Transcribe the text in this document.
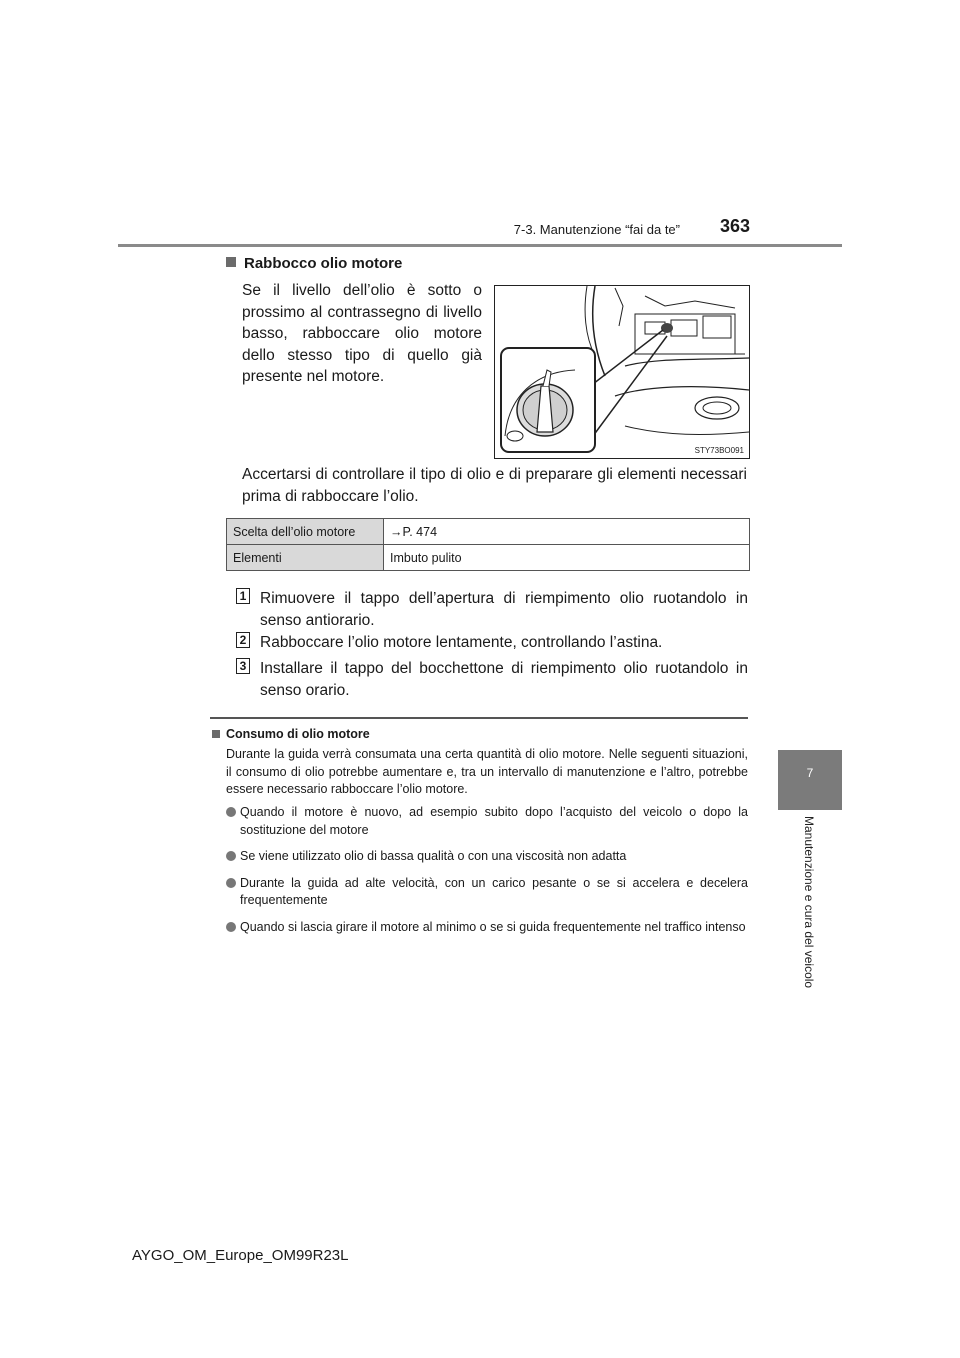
7-3. Manutenzione “fai da te” 363
7
Manutenzione e cura del veicolo
Rabbocco olio motore
Se il livello dell’olio è sotto o prossimo al contrassegno di livello basso, rabboccare olio motore dello stesso tipo di quello già presente nel motore.
STY73BO091
Accertarsi di controllare il tipo di olio e di preparare gli elementi necessari prima di rabboccare l’olio.
Scelta dell’olio motore	→P. 474
Elementi	Imbuto pulito
1 Rimuovere il tappo dell’apertura di riempimento olio ruotandolo in senso antiorario.
2 Rabboccare l’olio motore lentamente, controllando l’astina.
3 Installare il tappo del bocchettone di riempimento olio ruotandolo in senso orario.
Consumo di olio motore
Durante la guida verrà consumata una certa quantità di olio motore. Nelle seguenti situazioni, il consumo di olio potrebbe aumentare e, tra un intervallo di manutenzione e l’altro, potrebbe essere necessario rabboccare l’olio motore.
Quando il motore è nuovo, ad esempio subito dopo l’acquisto del veicolo o dopo la sostituzione del motore
Se viene utilizzato olio di bassa qualità o con una viscosità non adatta
Durante la guida ad alte velocità, con un carico pesante o se si accelera e decelera frequentemente
Quando si lascia girare il motore al minimo o se si guida frequentemente nel traffico intenso
AYGO_OM_Europe_OM99R23L
